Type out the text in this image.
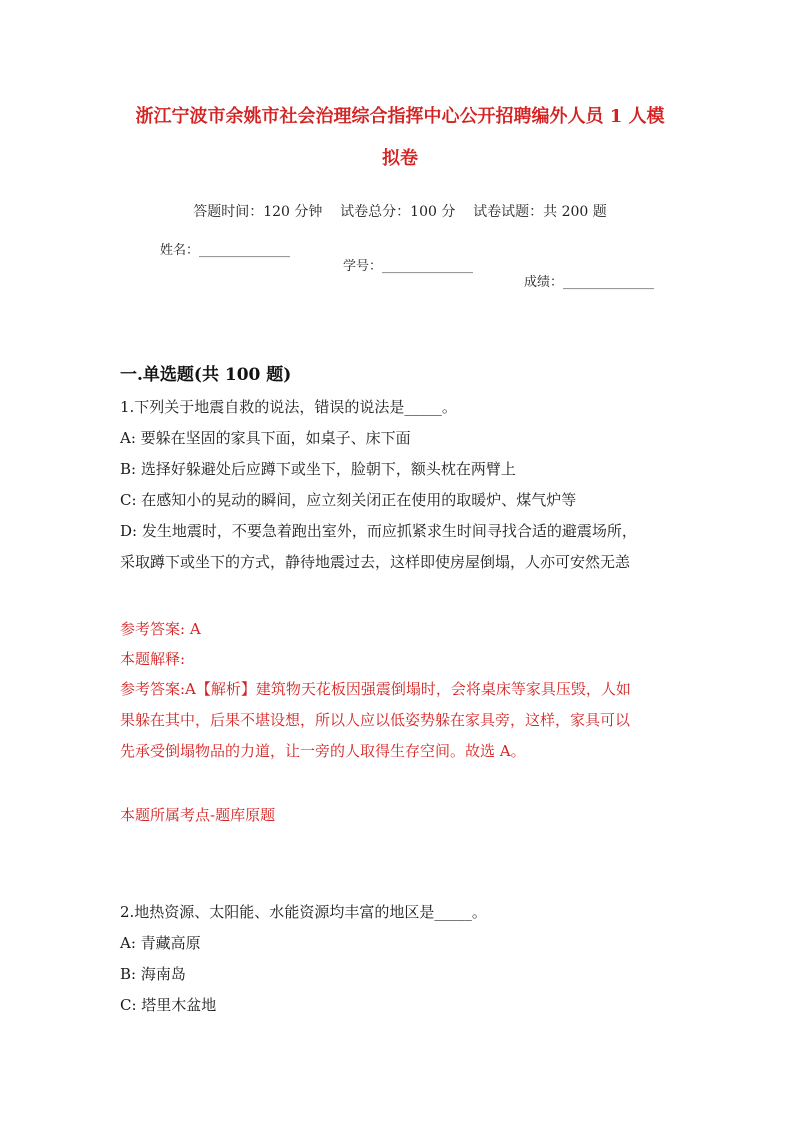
浙江宁波市余姚市社会治理综合指挥中心公开招聘编外人员 1 人模
拟卷
答题时间：120 分钟    试卷总分：100 分    试卷试题：共 200 题

姓名：______________

学号：______________

成绩：______________

一.单选题(共 100 题)
1.下列关于地震自救的说法，错误的说法是_____。
A: 要躲在坚固的家具下面，如桌子、床下面
B: 选择好躲避处后应蹲下或坐下，脸朝下，额头枕在两臂上
C: 在感知小的晃动的瞬间，应立刻关闭正在使用的取暖炉、煤气炉等
D: 发生地震时，不要急着跑出室外，而应抓紧求生时间寻找合适的避震场所，
采取蹲下或坐下的方式，静待地震过去，这样即使房屋倒塌，人亦可安然无恙
参考答案: A
本题解释:
参考答案:A【解析】建筑物天花板因强震倒塌时，会将桌床等家具压毁，人如
果躲在其中，后果不堪设想，所以人应以低姿势躲在家具旁，这样，家具可以
先承受倒塌物品的力道，让一旁的人取得生存空间。故选 A。
本题所属考点-题库原题
2.地热资源、太阳能、水能资源均丰富的地区是_____。
A: 青藏高原
B: 海南岛
C: 塔里木盆地
